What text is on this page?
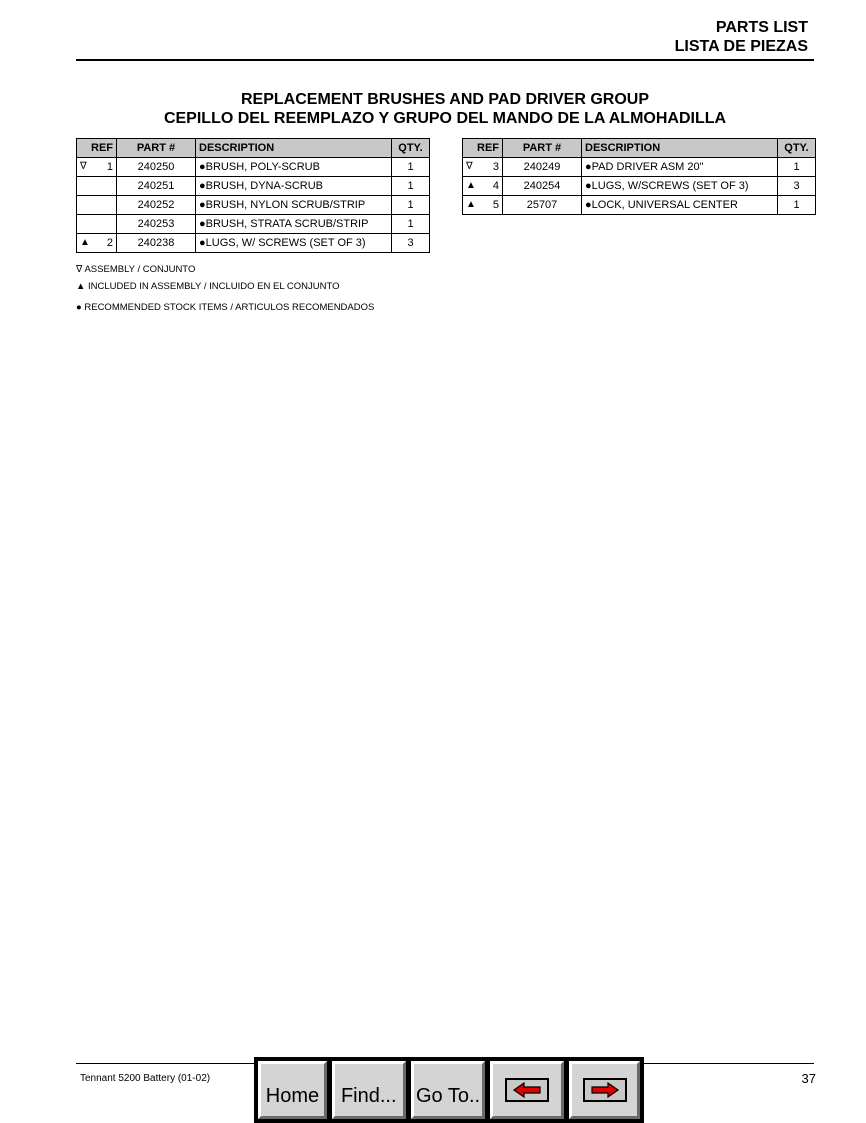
PARTS LIST
LISTA DE PIEZAS
REPLACEMENT BRUSHES AND PAD DRIVER GROUP
CEPILLO DEL REEMPLAZO Y GRUPO DEL MANDO DE LA ALMOHADILLA
REF	PART #	DESCRIPTION	QTY.

∇ 1	240250	●BRUSH, POLY-SCRUB	1

	240251	●BRUSH, DYNA-SCRUB	1

	240252	●BRUSH, NYLON SCRUB/STRIP	1

	240253	●BRUSH, STRATA SCRUB/STRIP	1

▲ 2	240238	●LUGS, W/ SCREWS (SET OF 3)	3
REF	PART #	DESCRIPTION	QTY.

∇ 3	240249	●PAD DRIVER ASM 20"	1

▲ 4	240254	●LUGS, W/SCREWS (SET OF 3)	3

▲ 5	25707	●LOCK, UNIVERSAL CENTER	1
∇ ASSEMBLY / CONJUNTO
▲ INCLUDED IN ASSEMBLY / INCLUIDO EN EL CONJUNTO
● RECOMMENDED STOCK ITEMS / ARTICULOS RECOMENDADOS
Tennant 5200 Battery (01-02)	37
Home	Find... Go To..
